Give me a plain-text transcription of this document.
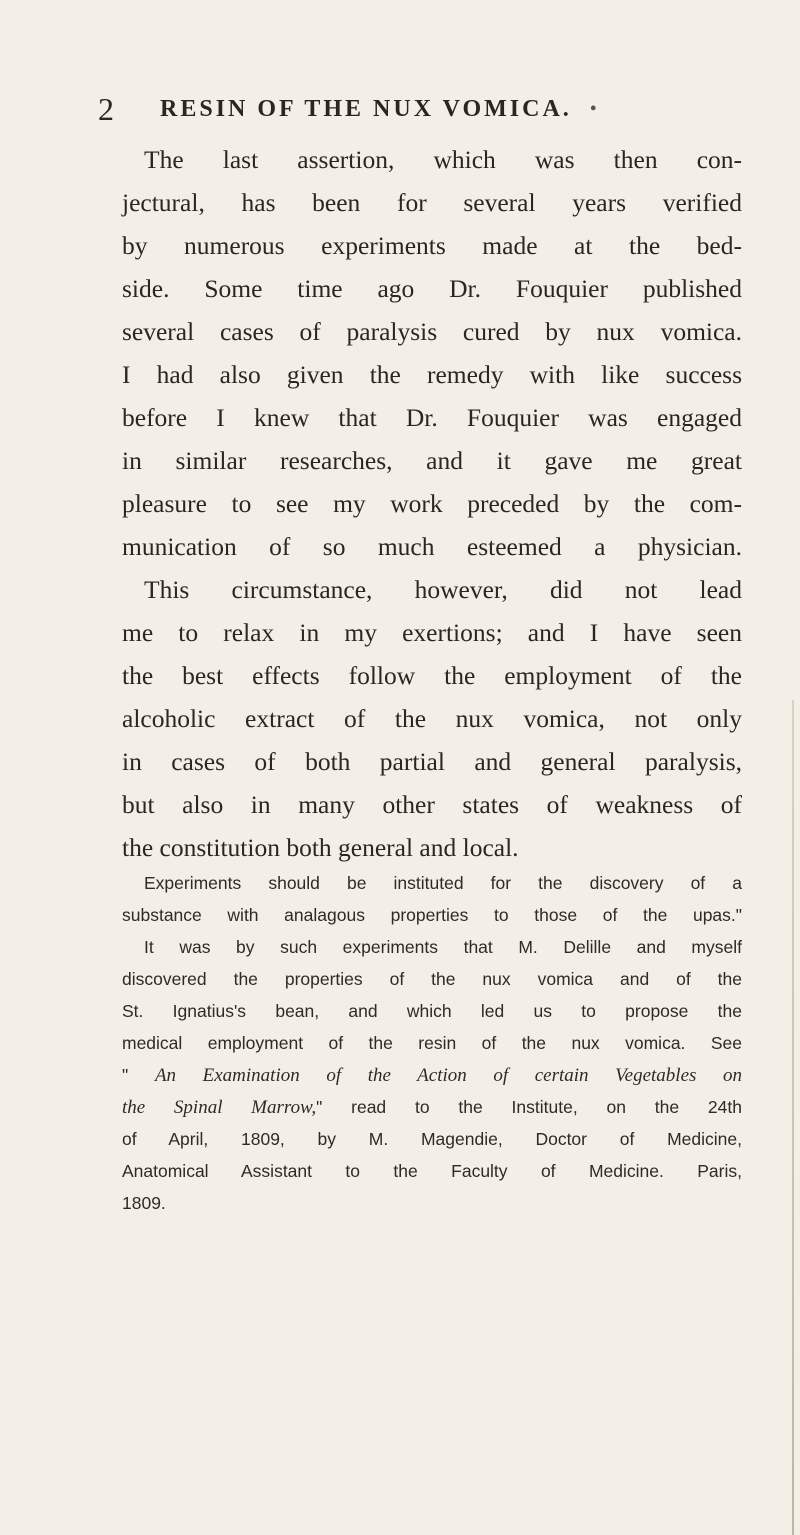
2	RESIN OF THE NUX VOMICA. •
The last assertion, which was then con-
jectural, has been for several years verified
by numerous experiments made at the bed-
side. Some time ago Dr. Fouquier published
several cases of paralysis cured by nux vomica.
I had also given the remedy with like success
before I knew that Dr. Fouquier was engaged
in similar researches, and it gave me great
pleasure to see my work preceded by the com-
munication of so much esteemed a physician.
This circumstance, however, did not lead
me to relax in my exertions; and I have seen
the best effects follow the employment of the
alcoholic extract of the nux vomica, not only
in cases of both partial and general paralysis,
but also in many other states of weakness of
the constitution both general and local.
Experiments should be instituted for the discovery of a
substance with analagous properties to those of the upas."
It was by such experiments that M. Delille and myself
discovered the properties of the nux vomica and of the
St. Ignatius's bean, and which led us to propose the
medical employment of the resin of the nux vomica. See
" An Examination of the Action of certain Vegetables on
the Spinal Marrow," read to the Institute, on the 24th
of April, 1809, by M. Magendie, Doctor of Medicine,
Anatomical Assistant to the Faculty of Medicine. Paris,
1809.
